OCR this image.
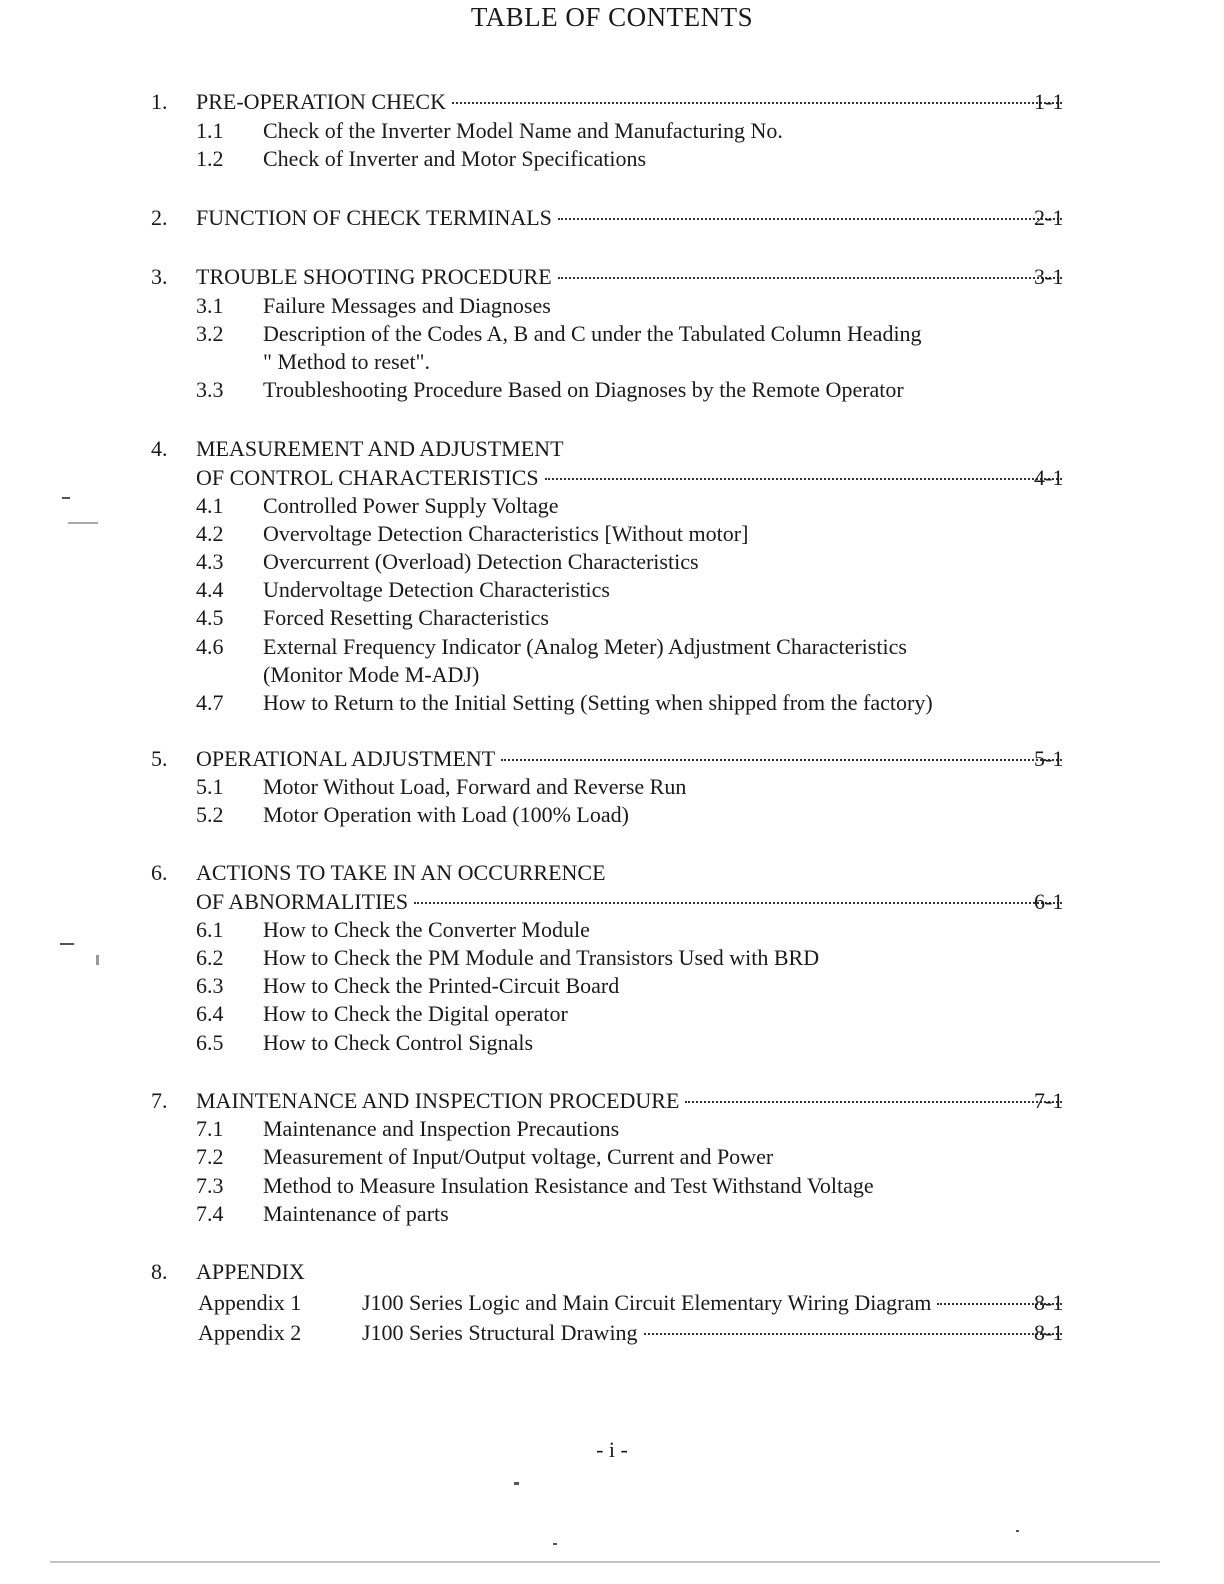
TABLE OF CONTENTS
1. PRE-OPERATION CHECK	1-1
1.1 Check of the Inverter Model Name and Manufacturing No.
1.2 Check of Inverter and Motor Specifications
2. FUNCTION OF CHECK TERMINALS	2-1
3. TROUBLE SHOOTING PROCEDURE	3-1
3.1 Failure Messages and Diagnoses
3.2 Description of the Codes A, B and C under the Tabulated Column Heading
" Method to reset".
3.3 Troubleshooting Procedure Based on Diagnoses by the Remote Operator
4. MEASUREMENT AND ADJUSTMENT
OF CONTROL CHARACTERISTICS	4-1
4.1 Controlled Power Supply Voltage
4.2 Overvoltage Detection Characteristics [Without motor]
4.3 Overcurrent (Overload) Detection Characteristics
4.4 Undervoltage Detection Characteristics
4.5 Forced Resetting Characteristics
4.6 External Frequency Indicator (Analog Meter) Adjustment Characteristics
(Monitor Mode M-ADJ)
4.7 How to Return to the Initial Setting (Setting when shipped from the factory)
5. OPERATIONAL ADJUSTMENT	5-1
5.1 Motor Without Load, Forward and Reverse Run
5.2 Motor Operation with Load (100% Load)
6. ACTIONS TO TAKE IN AN OCCURRENCE
OF ABNORMALITIES	6-1
6.1 How to Check the Converter Module
6.2 How to Check the PM Module and Transistors Used with BRD
6.3 How to Check the Printed-Circuit Board
6.4 How to Check the Digital operator
6.5 How to Check Control Signals
7. MAINTENANCE AND INSPECTION PROCEDURE	7-1
7.1 Maintenance and Inspection Precautions
7.2 Measurement of Input/Output voltage, Current and Power
7.3 Method to Measure Insulation Resistance and Test Withstand Voltage
7.4 Maintenance of parts
8. APPENDIX
Appendix 1	J100 Series Logic and Main Circuit Elementary Wiring Diagram	8-1
Appendix 2	J100 Series Structural Drawing	8-1
- i -
